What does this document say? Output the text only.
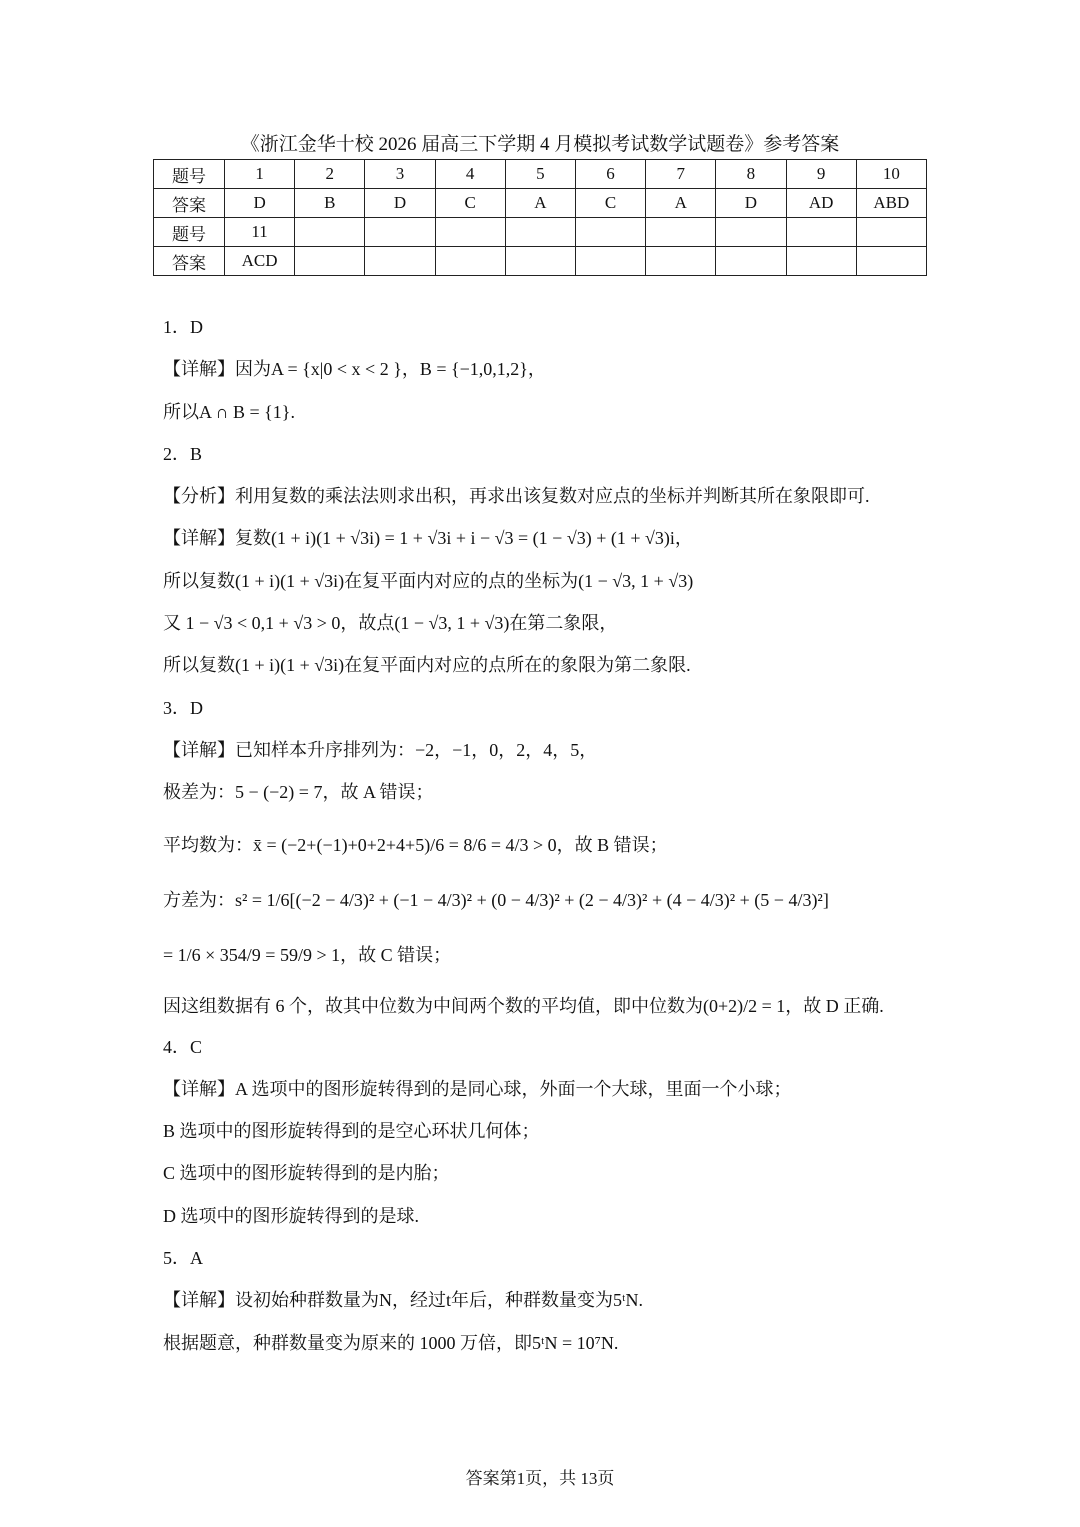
《浙江金华十校 2026 届高三下学期 4 月模拟考试数学试题卷》参考答案
题号	1	2	3	4	5	6	7	8	9	10
答案	D	B	D	C	A	C	A	D	AD	ABD
题号	11									
答案	ACD									
1．D
【详解】因为A = {x|0 < x < 2 }，B = {−1,0,1,2}，
所以A ∩ B = {1}.
2．B
【分析】利用复数的乘法法则求出积，再求出该复数对应点的坐标并判断其所在象限即可.
【详解】复数(1 + i)(1 + √3i) = 1 + √3i + i − √3 = (1 − √3) + (1 + √3)i，
所以复数(1 + i)(1 + √3i)在复平面内对应的点的坐标为(1 − √3, 1 + √3)
又 1 − √3 < 0,1 + √3 > 0，故点(1 − √3, 1 + √3)在第二象限，
所以复数(1 + i)(1 + √3i)在复平面内对应的点所在的象限为第二象限.
3．D
【详解】已知样本升序排列为：−2，−1，0，2，4，5，
极差为：5 − (−2) = 7，故 A 错误；
平均数为：x̄ = (−2+(−1)+0+2+4+5)/6 = 8/6 = 4/3 > 0，故 B 错误；
方差为：s² = 1/6[(−2 − 4/3)² + (−1 − 4/3)² + (0 − 4/3)² + (2 − 4/3)² + (4 − 4/3)² + (5 − 4/3)²]
= 1/6 × 354/9 = 59/9 > 1，故 C 错误；
因这组数据有 6 个，故其中位数为中间两个数的平均值，即中位数为(0+2)/2 = 1，故 D 正确.
4．C
【详解】A 选项中的图形旋转得到的是同心球，外面一个大球，里面一个小球；
B 选项中的图形旋转得到的是空心环状几何体；
C 选项中的图形旋转得到的是内胎；
D 选项中的图形旋转得到的是球.
5．A
【详解】设初始种群数量为N，经过t年后，种群数量变为5ᵗN.
根据题意，种群数量变为原来的 1000 万倍，即5ᵗN = 10⁷N.
答案第1页，共 13页
